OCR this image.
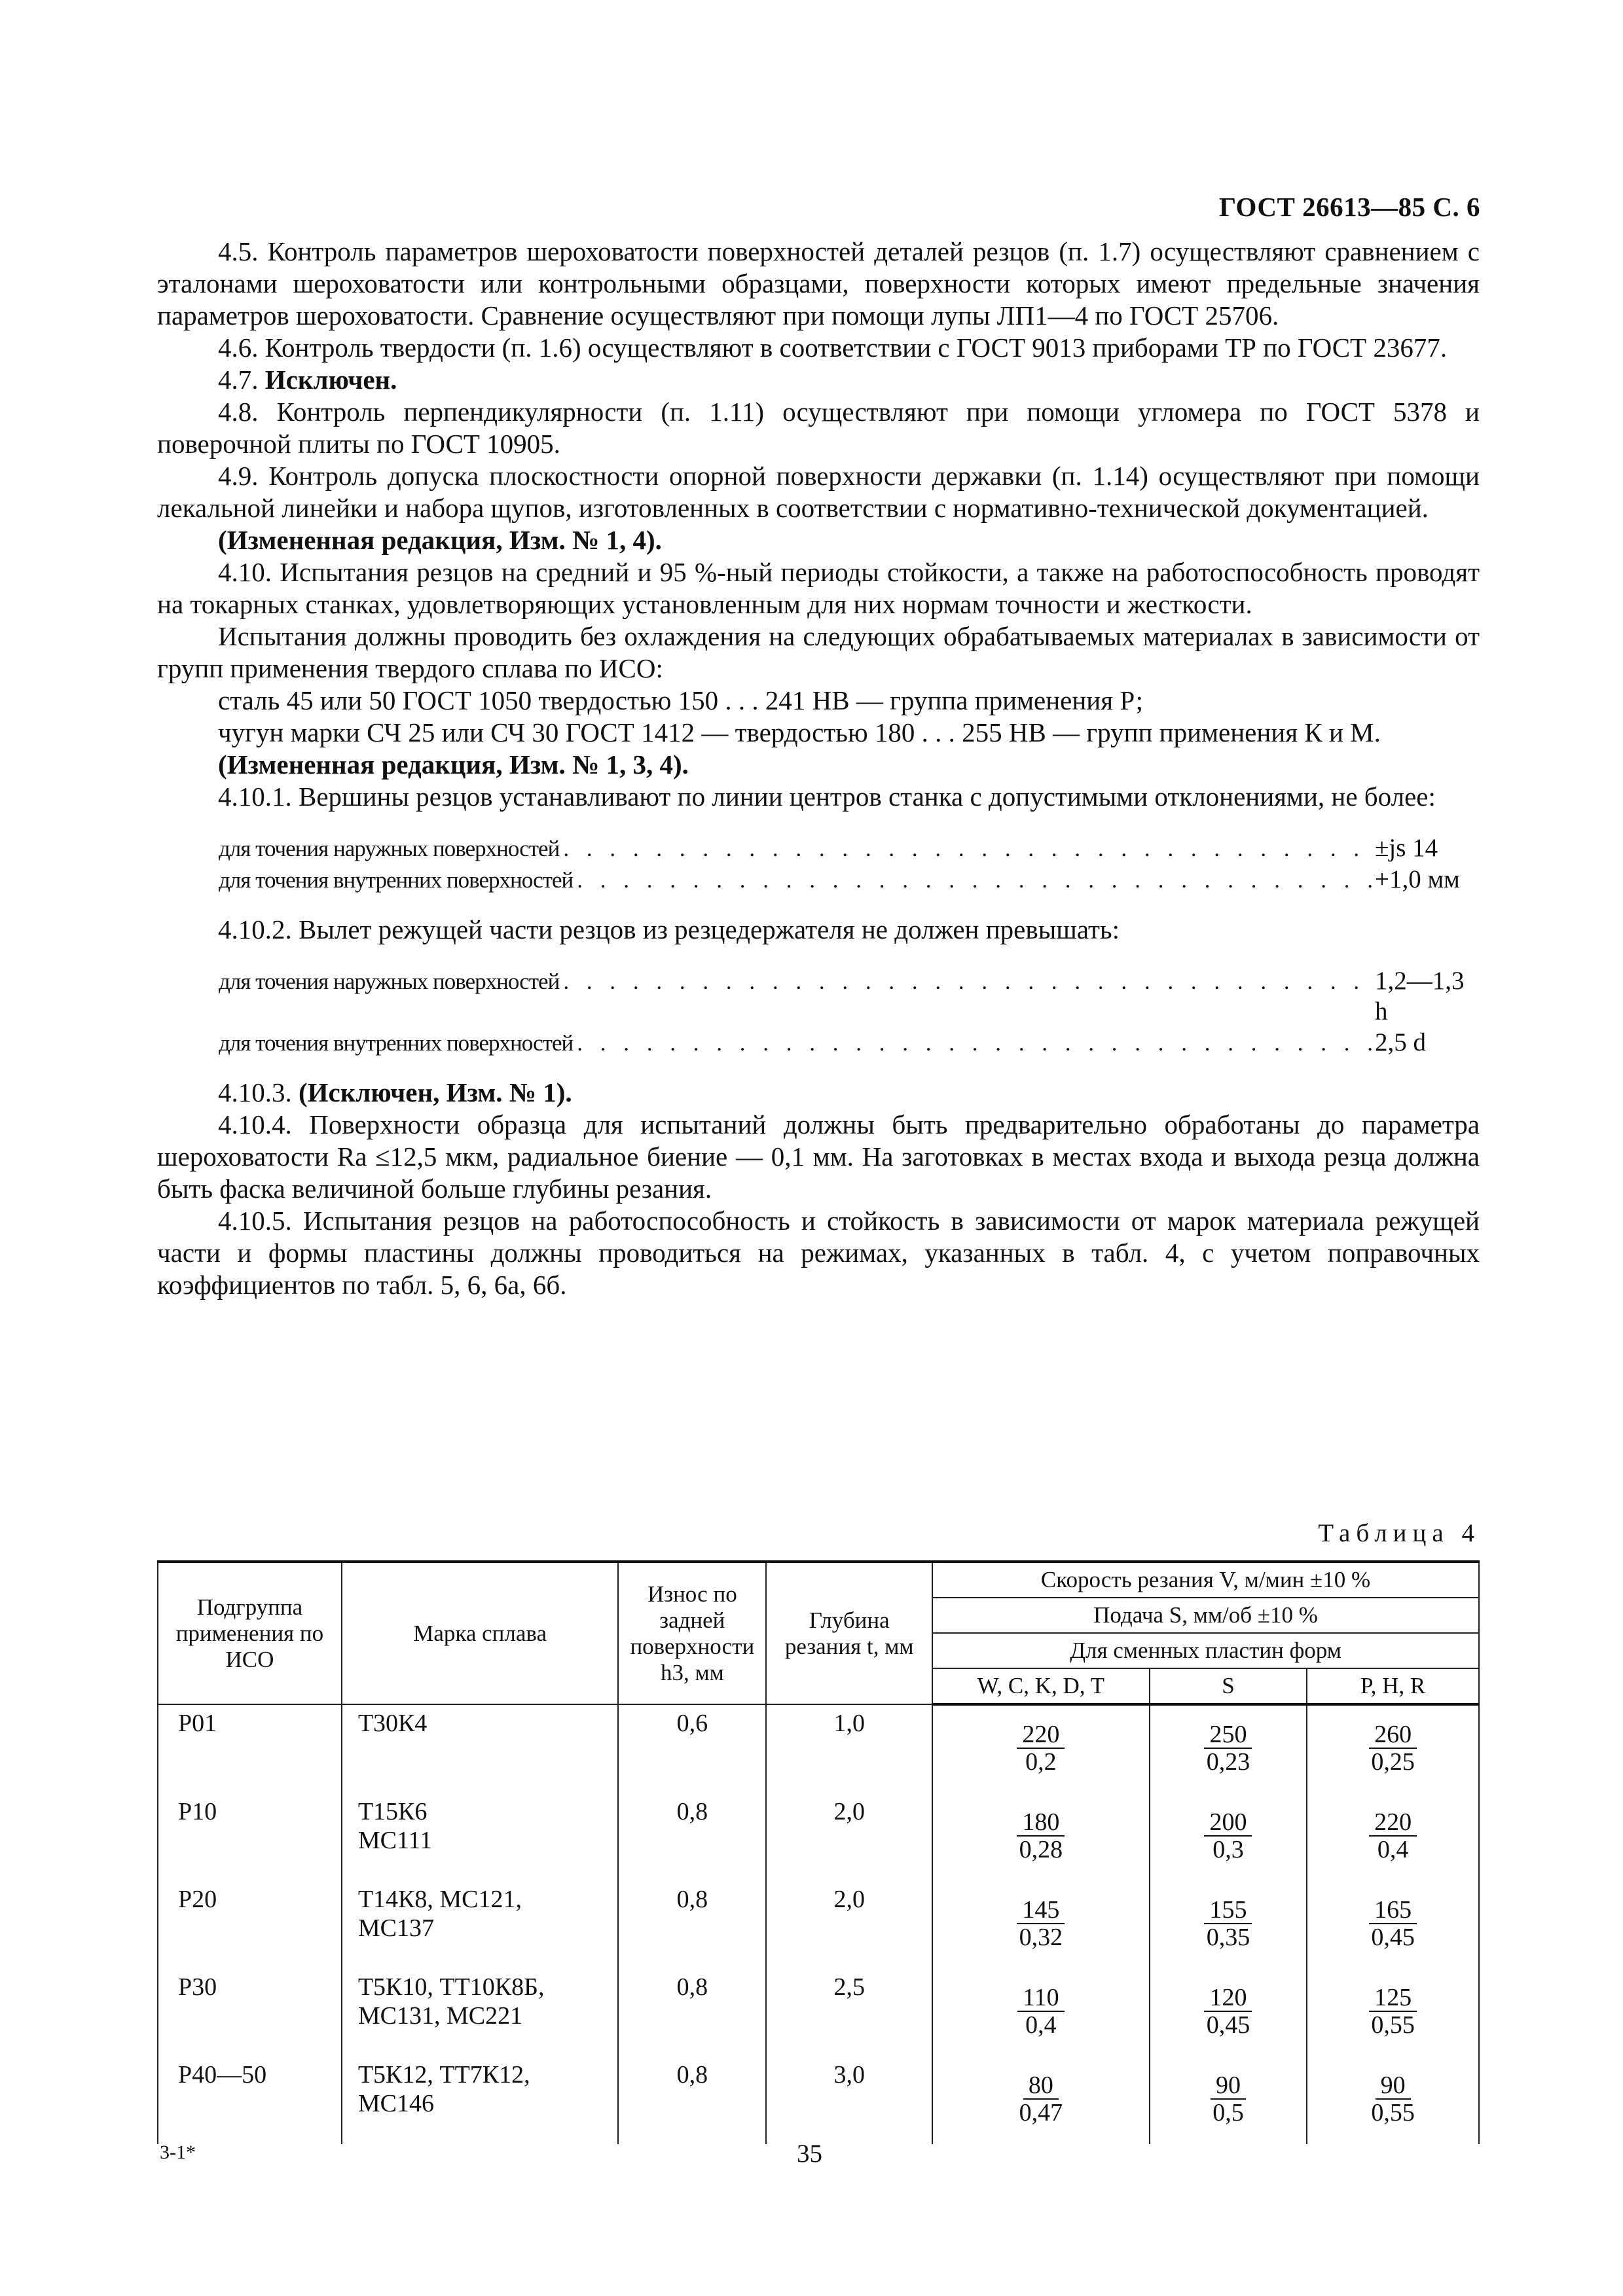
ГОСТ 26613—85 С. 6

4.5. Контроль параметров шероховатости поверхностей деталей резцов (п. 1.7) осуществляют сравнением с эталонами шероховатости или контрольными образцами, поверхности которых имеют предельные значения параметров шероховатости. Сравнение осуществляют при помощи лупы ЛП1—4 по ГОСТ 25706.

4.6. Контроль твердости (п. 1.6) осуществляют в соответствии с ГОСТ 9013 приборами ТР по ГОСТ 23677.

4.7. Исключен.

4.8. Контроль перпендикулярности (п. 1.11) осуществляют при помощи угломера по ГОСТ 5378 и поверочной плиты по ГОСТ 10905.

4.9. Контроль допуска плоскостности опорной поверхности державки (п. 1.14) осуществляют при помощи лекальной линейки и набора щупов, изготовленных в соответствии с нормативно-технической документацией.

(Измененная редакция, Изм. № 1, 4).

4.10. Испытания резцов на средний и 95 %-ный периоды стойкости, а также на работоспособность проводят на токарных станках, удовлетворяющих установленным для них нормам точности и жесткости.

Испытания должны проводить без охлаждения на следующих обрабатываемых материалах в зависимости от групп применения твердого сплава по ИСО:

сталь 45 или 50 ГОСТ 1050 твердостью 150 . . . 241 НВ — группа применения Р;

чугун марки СЧ 25 или СЧ 30 ГОСТ 1412 — твердостью 180 . . . 255 НВ — групп применения К и М.

(Измененная редакция, Изм. № 1, 3, 4).

4.10.1. Вершины резцов устанавливают по линии центров станка с допустимыми отклонениями, не более:

для точения наружных поверхностей . . .	±js 14
для точения внутренних поверхностей . . .	+1,0 мм

4.10.2. Вылет режущей части резцов из резцедержателя не должен превышать:

для точения наружных поверхностей . . .	1,2—1,3 h
для точения внутренних поверхностей . . .	2,5 d

4.10.3. (Исключен, Изм. № 1).

4.10.4. Поверхности образца для испытаний должны быть предварительно обработаны до параметра шероховатости Ra ≤12,5 мкм, радиальное биение — 0,1 мм. На заготовках в местах входа и выхода резца должна быть фаска величиной больше глубины резания.

4.10.5. Испытания резцов на работоспособность и стойкость в зависимости от марок материала режущей части и формы пластины должны проводиться на режимах, указанных в табл. 4, с учетом поправочных коэффициентов по табл. 5, 6, 6а, 6б.

Таблица 4
Подгруппа применения по ИСО	Марка сплава	Износ по задней поверхности h3, мм	Глубина резания t, мм	Скорость резания V, м/мин ±10 %		
				Подача S, мм/об ±10 %		
				Для сменных пластин форм		
				W, C, K, D, T	S	P, H, R
Р01	Т30К4	0,6	1,0	$\frac{220}{0,2}$	$\frac{250}{0,23}$	$\frac{260}{0,25}$

Р10	Т15К6
МС111	0,8	2,0	$\frac{180}{0,28}$	$\frac{200}{0,3}$	$\frac{220}{0,4}$

Р20	Т14К8, МС121,
МС137	0,8	2,0	$\frac{145}{0,32}$	$\frac{155}{0,35}$	$\frac{165}{0,45}$

Р30	Т5К10, ТТ10К8Б,
МС131, МС221	0,8	2,5	$\frac{110}{0,4}$	$\frac{120}{0,45}$	$\frac{125}{0,55}$

Р40—50	Т5К12, ТТ7К12,
МС146	0,8	3,0	$\frac{80}{0,47}$	$\frac{90}{0,5}$	$\frac{90}{0,55}$
3-1*	35
